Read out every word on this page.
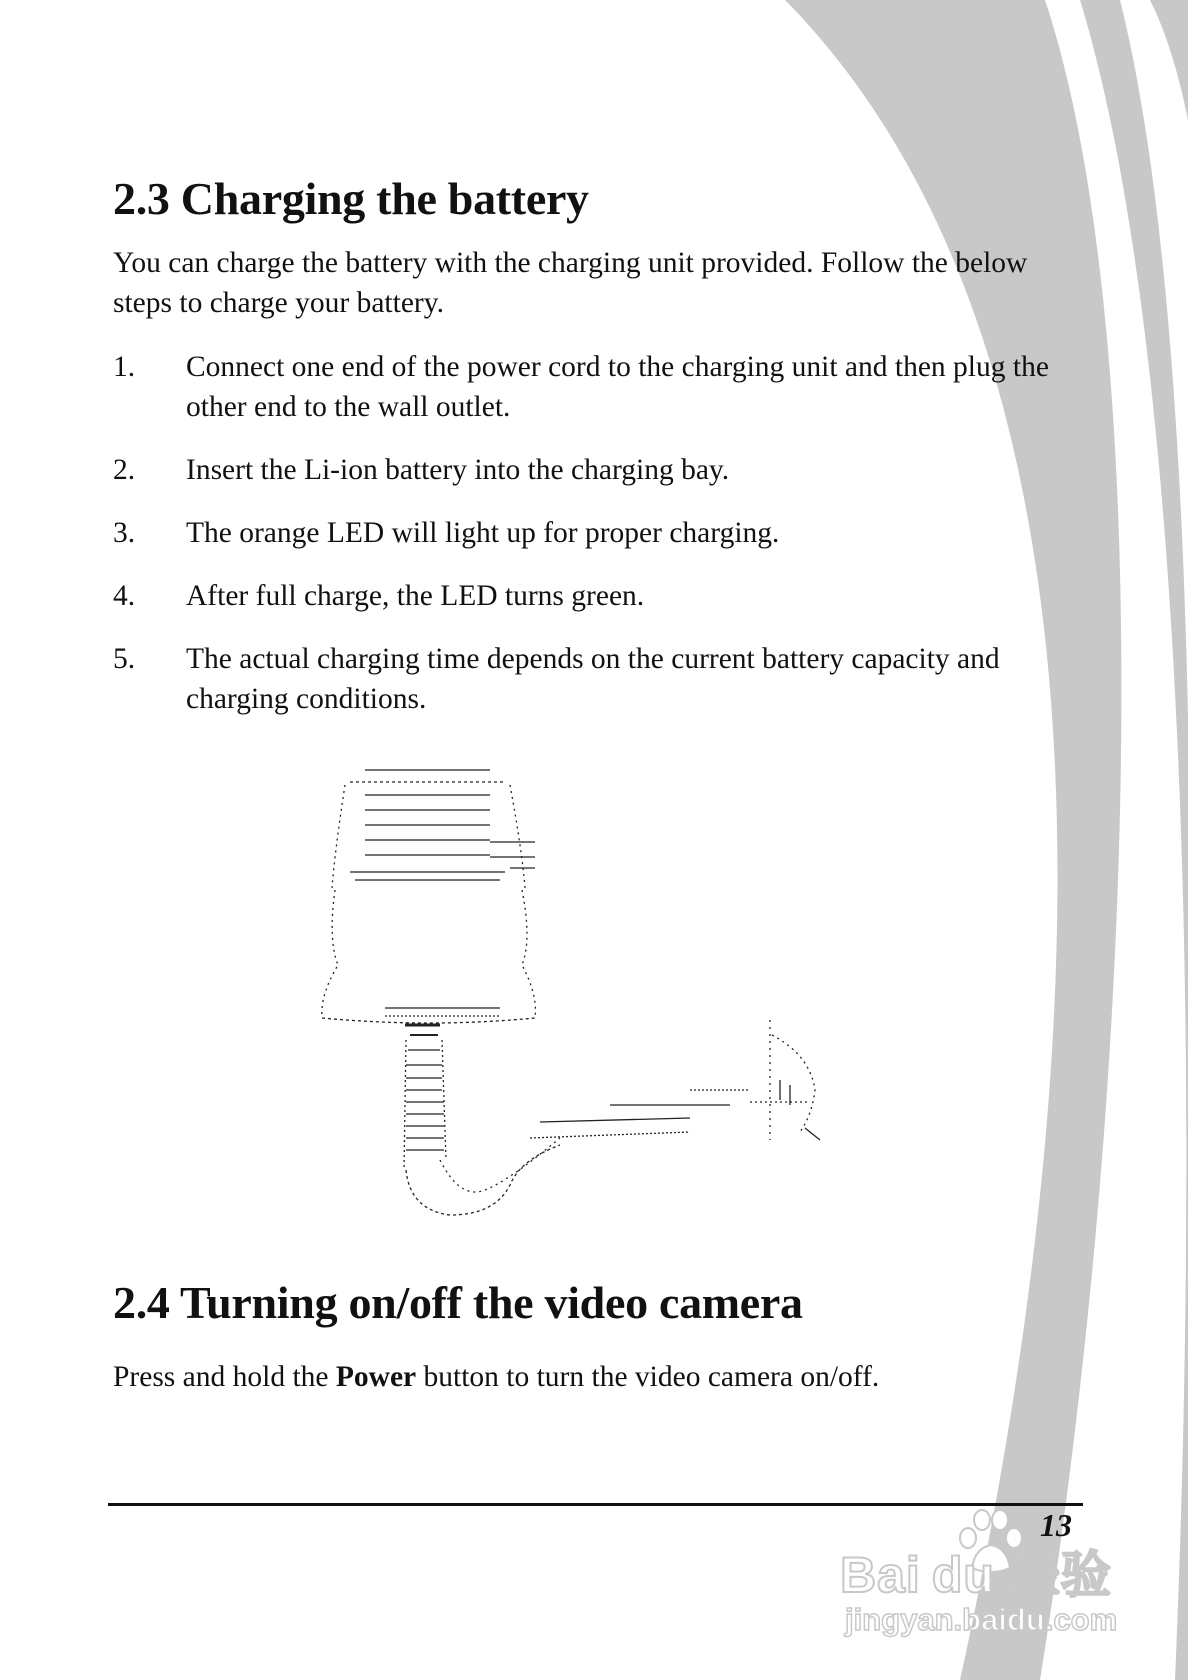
2.3 Charging the battery

You can charge the battery with the charging unit provided. Follow the below steps to charge your battery.

1. Connect one end of the power cord to the charging unit and then plug the other end to the wall outlet.
2. Insert the Li-ion battery into the charging bay.
3. The orange LED will light up for proper charging.
4. After full charge, the LED turns green.
5. The actual charging time depends on the current battery capacity and charging conditions.
2.4 Turning on/off the video camera

Press and hold the Power button to turn the video camera on/off.

13
Bai du 经验
jingyan.baidu.com
